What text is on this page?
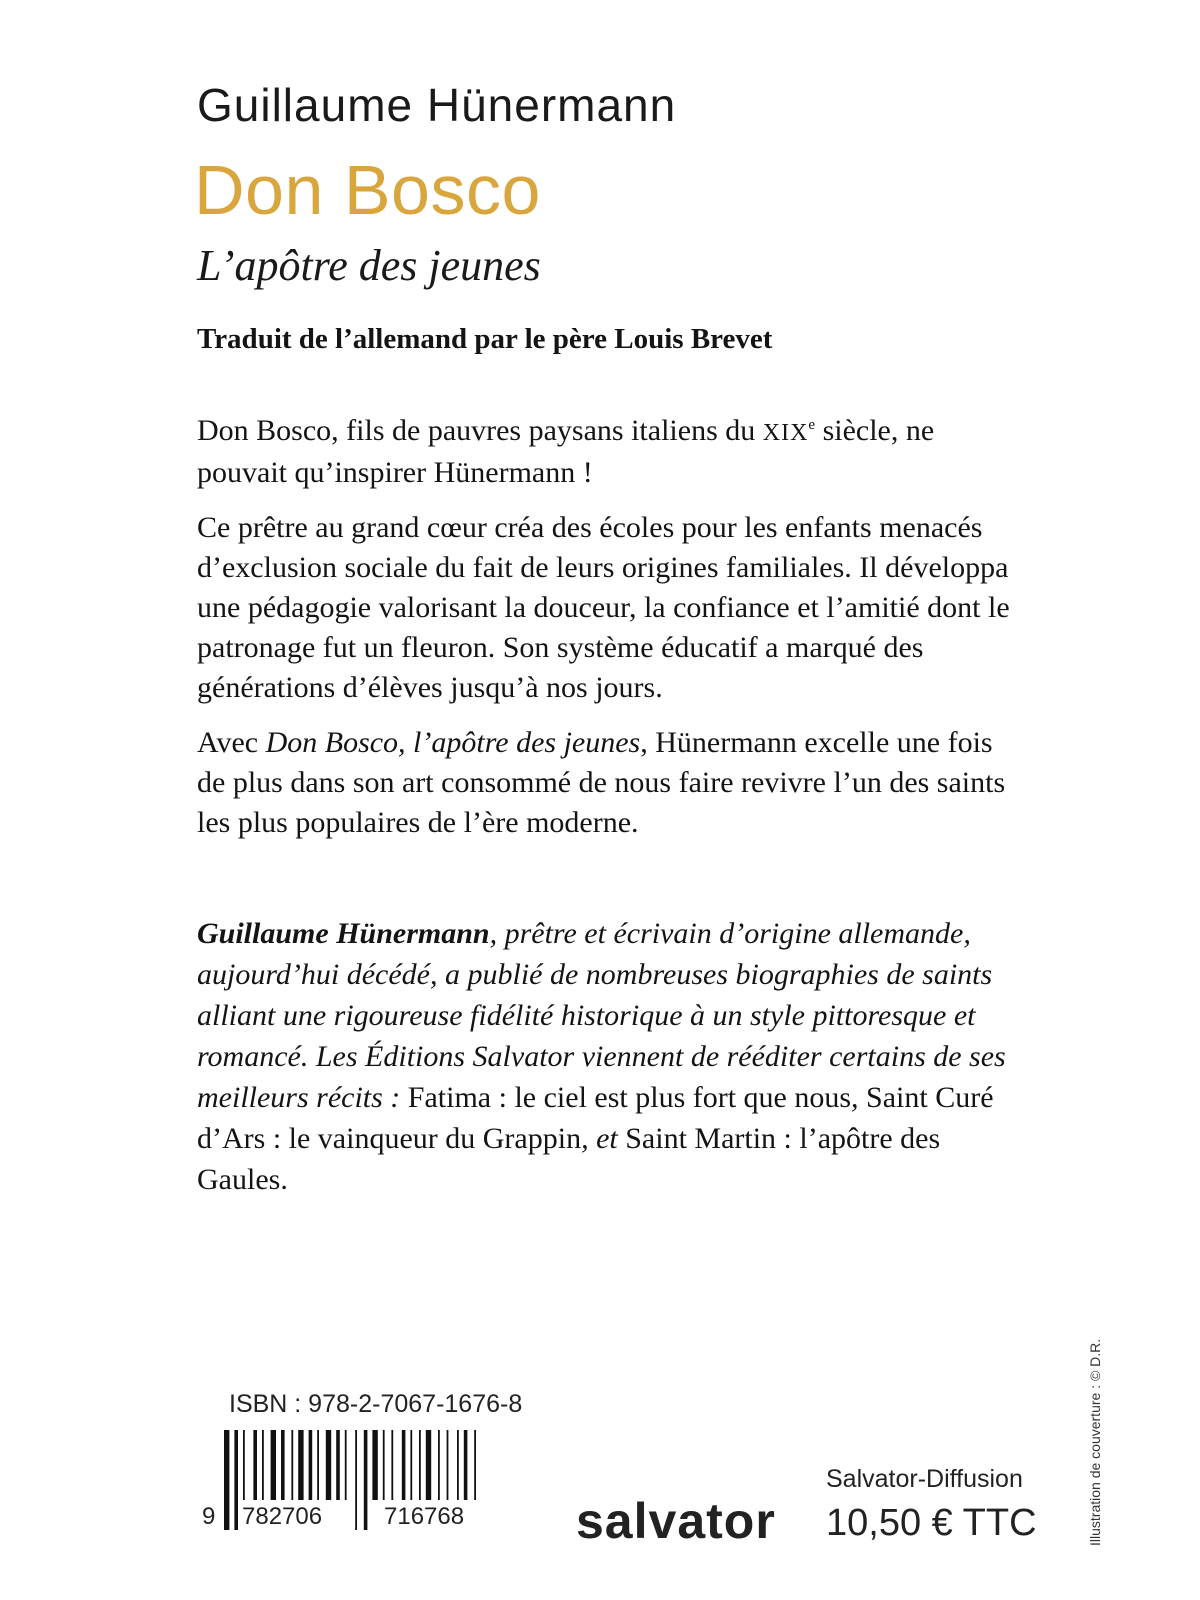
Guillaume Hünermann
Don Bosco
L’apôtre des jeunes
Traduit de l’allemand par le père Louis Brevet

Don Bosco, fils de pauvres paysans italiens du XIXe siècle, ne pouvait qu’inspirer Hünermann !

Ce prêtre au grand cœur créa des écoles pour les enfants menacés d’exclusion sociale du fait de leurs origines familiales. Il développa une pédagogie valorisant la douceur, la confiance et l’amitié dont le patronage fut un fleuron. Son système éducatif a marqué des générations d’élèves jusqu’à nos jours.

Avec Don Bosco, l’apôtre des jeunes, Hünermann excelle une fois de plus dans son art consommé de nous faire revivre l’un des saints les plus populaires de l’ère moderne.

Guillaume Hünermann, prêtre et écrivain d’origine allemande, aujourd’hui décédé, a publié de nombreuses biographies de saints alliant une rigoureuse fidélité historique à un style pittoresque et romancé. Les Éditions Salvator viennent de rééditer certains de ses meilleurs récits : Fatima : le ciel est plus fort que nous, Saint Curé d’Ars : le vainqueur du Grappin, et Saint Martin : l’apôtre des Gaules.

ISBN : 978-2-7067-1676-8
9 782706	716768 salvator
Salvator-Diffusion
10,50 € TTC	Illustration de couverture : © D.R.
